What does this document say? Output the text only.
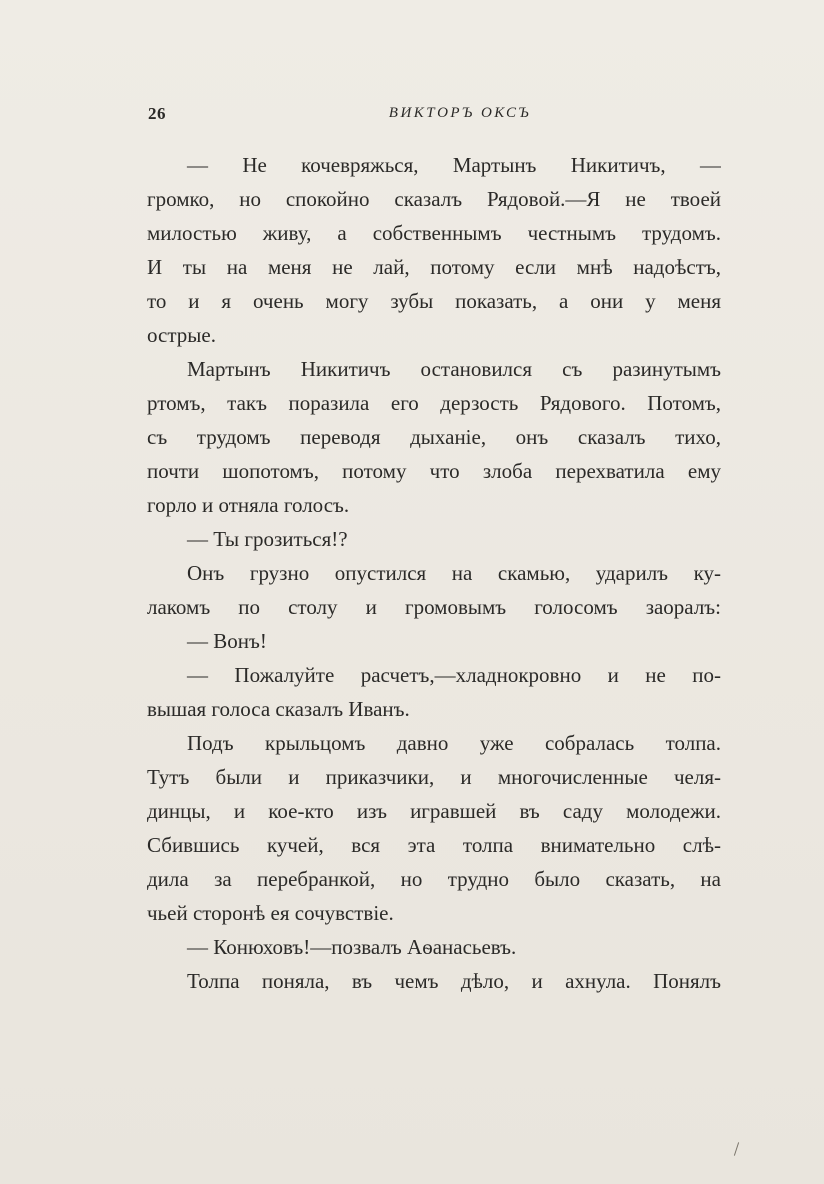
26	ВИКТОРЪ ОКСЪ
— Не кочевряжься, Мартынъ Никитичъ, —
громко, но спокойно сказалъ Рядовой.—Я не твоей
милостью живу, а собственнымъ честнымъ трудомъ.
И ты на меня не лай, потому если мнѣ надоѣстъ,
то и я очень могу зубы показать, а они у меня
острые.
Мартынъ Никитичъ остановился съ разинутымъ
ртомъ, такъ поразила его дерзость Рядового. Потомъ,
съ трудомъ переводя дыханіе, онъ сказалъ тихо,
почти шопотомъ, потому что злоба перехватила ему
горло и отняла голосъ.
— Ты грозиться!?
Онъ грузно опустился на скамью, ударилъ ку-
лакомъ по столу и громовымъ голосомъ заоралъ:
— Вонъ!
— Пожалуйте расчетъ,—хладнокровно и не по-
вышая голоса сказалъ Иванъ.
Подъ крыльцомъ давно уже собралась толпа.
Тутъ были и приказчики, и многочисленные челя-
динцы, и кое-кто изъ игравшей въ саду молодежи.
Сбившись кучей, вся эта толпа внимательно слѣ-
дила за перебранкой, но трудно было сказать, на
чьей сторонѣ ея сочувствіе.
— Конюховъ!—позвалъ Аѳанасьевъ.
Толпа поняла, въ чемъ дѣло, и ахнула. Понялъ
